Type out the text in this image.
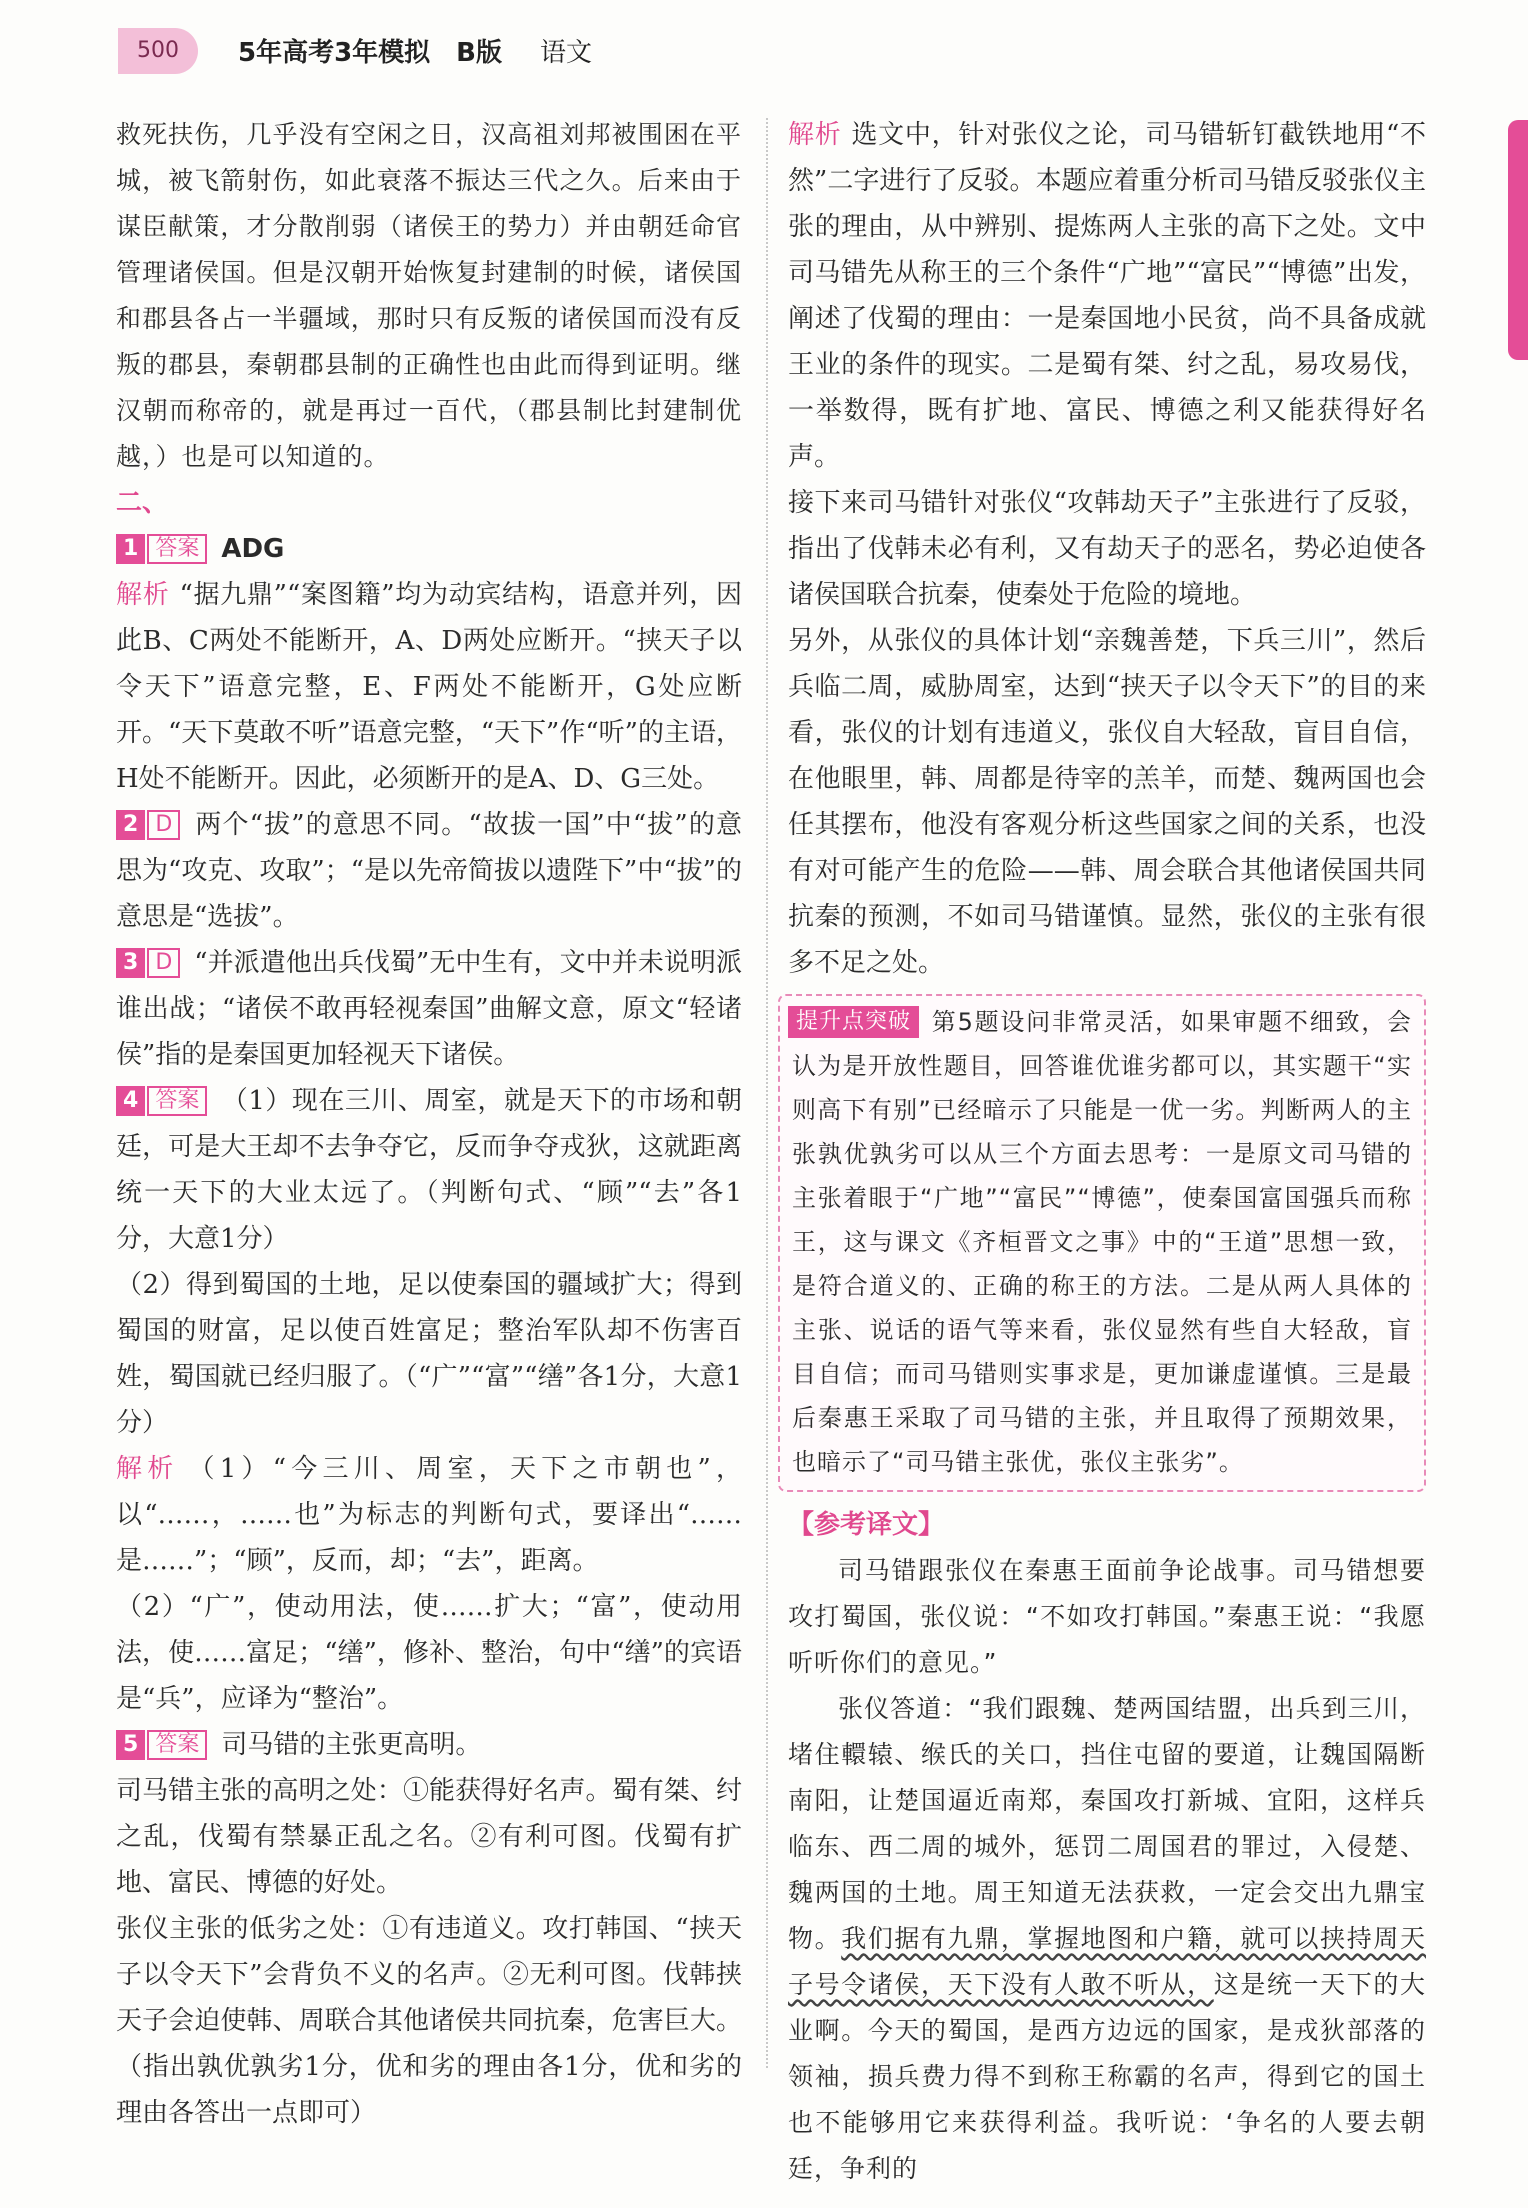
500	5年高考3年模拟　B版 语文

救死扶伤，几乎没有空闲之日，汉高祖刘邦被围困在平城，被飞箭射伤，如此衰落不振达三代之久。后来由于谋臣献策，才分散削弱（诸侯王的势力）并由朝廷命官管理诸侯国。但是汉朝开始恢复封建制的时候，诸侯国和郡县各占一半疆域，那时只有反叛的诸侯国而没有反叛的郡县，秦朝郡县制的正确性也由此而得到证明。继汉朝而称帝的，就是再过一百代，（郡县制比封建制优越，）也是可以知道的。

二、

1 答案 ADG

解析 “据九鼎”“案图籍”均为动宾结构，语意并列，因此B、C两处不能断开，A、D两处应断开。“挟天子以令天下”语意完整，E、F两处不能断开，G处应断开。“天下莫敢不听”语意完整，“天下”作“听”的主语，H处不能断开。因此，必须断开的是A、D、G三处。

2 D 两个“拔”的意思不同。“故拔一国”中“拔”的意思为“攻克、攻取”；“是以先帝简拔以遗陛下”中“拔”的意思是“选拔”。

3 D “并派遣他出兵伐蜀”无中生有，文中并未说明派谁出战；“诸侯不敢再轻视秦国”曲解文意，原文“轻诸侯”指的是秦国更加轻视天下诸侯。

4 答案 （1）现在三川、周室，就是天下的市场和朝廷，可是大王却不去争夺它，反而争夺戎狄，这就距离统一天下的大业太远了。（判断句式、“顾”“去”各1分，大意1分）

（2）得到蜀国的土地，足以使秦国的疆域扩大；得到蜀国的财富，足以使百姓富足；整治军队却不伤害百姓，蜀国就已经归服了。（“广”“富”“缮”各1分，大意1分）

解析 （1）“今三川、周室，天下之市朝也”，以“……，……也”为标志的判断句式，要译出“……是……”；“顾”，反而，却；“去”，距离。

（2）“广”，使动用法，使……扩大；“富”，使动用法，使……富足；“缮”，修补、整治，句中“缮”的宾语是“兵”，应译为“整治”。

5 答案 司马错的主张更高明。

司马错主张的高明之处：①能获得好名声。蜀有桀、纣之乱，伐蜀有禁暴正乱之名。②有利可图。伐蜀有扩地、富民、博德的好处。

张仪主张的低劣之处：①有违道义。攻打韩国、“挟天子以令天下”会背负不义的名声。②无利可图。伐韩挟天子会迫使韩、周联合其他诸侯共同抗秦，危害巨大。（指出孰优孰劣1分，优和劣的理由各1分，优和劣的理由各答出一点即可）

解析 选文中，针对张仪之论，司马错斩钉截铁地用“不然”二字进行了反驳。本题应着重分析司马错反驳张仪主张的理由，从中辨别、提炼两人主张的高下之处。文中司马错先从称王的三个条件“广地”“富民”“博德”出发，阐述了伐蜀的理由：一是秦国地小民贫，尚不具备成就王业的条件的现实。二是蜀有桀、纣之乱，易攻易伐，一举数得，既有扩地、富民、博德之利又能获得好名声。

接下来司马错针对张仪“攻韩劫天子”主张进行了反驳，指出了伐韩未必有利，又有劫天子的恶名，势必迫使各诸侯国联合抗秦，使秦处于危险的境地。

另外，从张仪的具体计划“亲魏善楚，下兵三川”，然后兵临二周，威胁周室，达到“挟天子以令天下”的目的来看，张仪的计划有违道义，张仪自大轻敌，盲目自信，在他眼里，韩、周都是待宰的羔羊，而楚、魏两国也会任其摆布，他没有客观分析这些国家之间的关系，也没有对可能产生的危险——韩、周会联合其他诸侯国共同抗秦的预测，不如司马错谨慎。显然，张仪的主张有很多不足之处。

提升点突破 第5题设问非常灵活，如果审题不细致，会认为是开放性题目，回答谁优谁劣都可以，其实题干“实则高下有别”已经暗示了只能是一优一劣。判断两人的主张孰优孰劣可以从三个方面去思考：一是原文司马错的主张着眼于“广地”“富民”“博德”，使秦国富国强兵而称王，这与课文《齐桓晋文之事》中的“王道”思想一致，是符合道义的、正确的称王的方法。二是从两人具体的主张、说话的语气等来看，张仪显然有些自大轻敌，盲目自信；而司马错则实事求是，更加谦虚谨慎。三是最后秦惠王采取了司马错的主张，并且取得了预期效果，也暗示了“司马错主张优，张仪主张劣”。

【参考译文】

司马错跟张仪在秦惠王面前争论战事。司马错想要攻打蜀国，张仪说：“不如攻打韩国。”秦惠王说：“我愿听听你们的意见。”

张仪答道：“我们跟魏、楚两国结盟，出兵到三川，堵住轘辕、缑氏的关口，挡住屯留的要道，让魏国隔断南阳，让楚国逼近南郑，秦国攻打新城、宜阳，这样兵临东、西二周的城外，惩罚二周国君的罪过，入侵楚、魏两国的土地。周王知道无法获救，一定会交出九鼎宝物。我们据有九鼎，掌握地图和户籍，就可以挟持周天子号令诸侯，天下没有人敢不听从，这是统一天下的大业啊。今天的蜀国，是西方边远的国家，是戎狄部落的领袖，损兵费力得不到称王称霸的名声，得到它的国土也不能够用它来获得利益。我听说：‘争名的人要去朝廷，争利的
